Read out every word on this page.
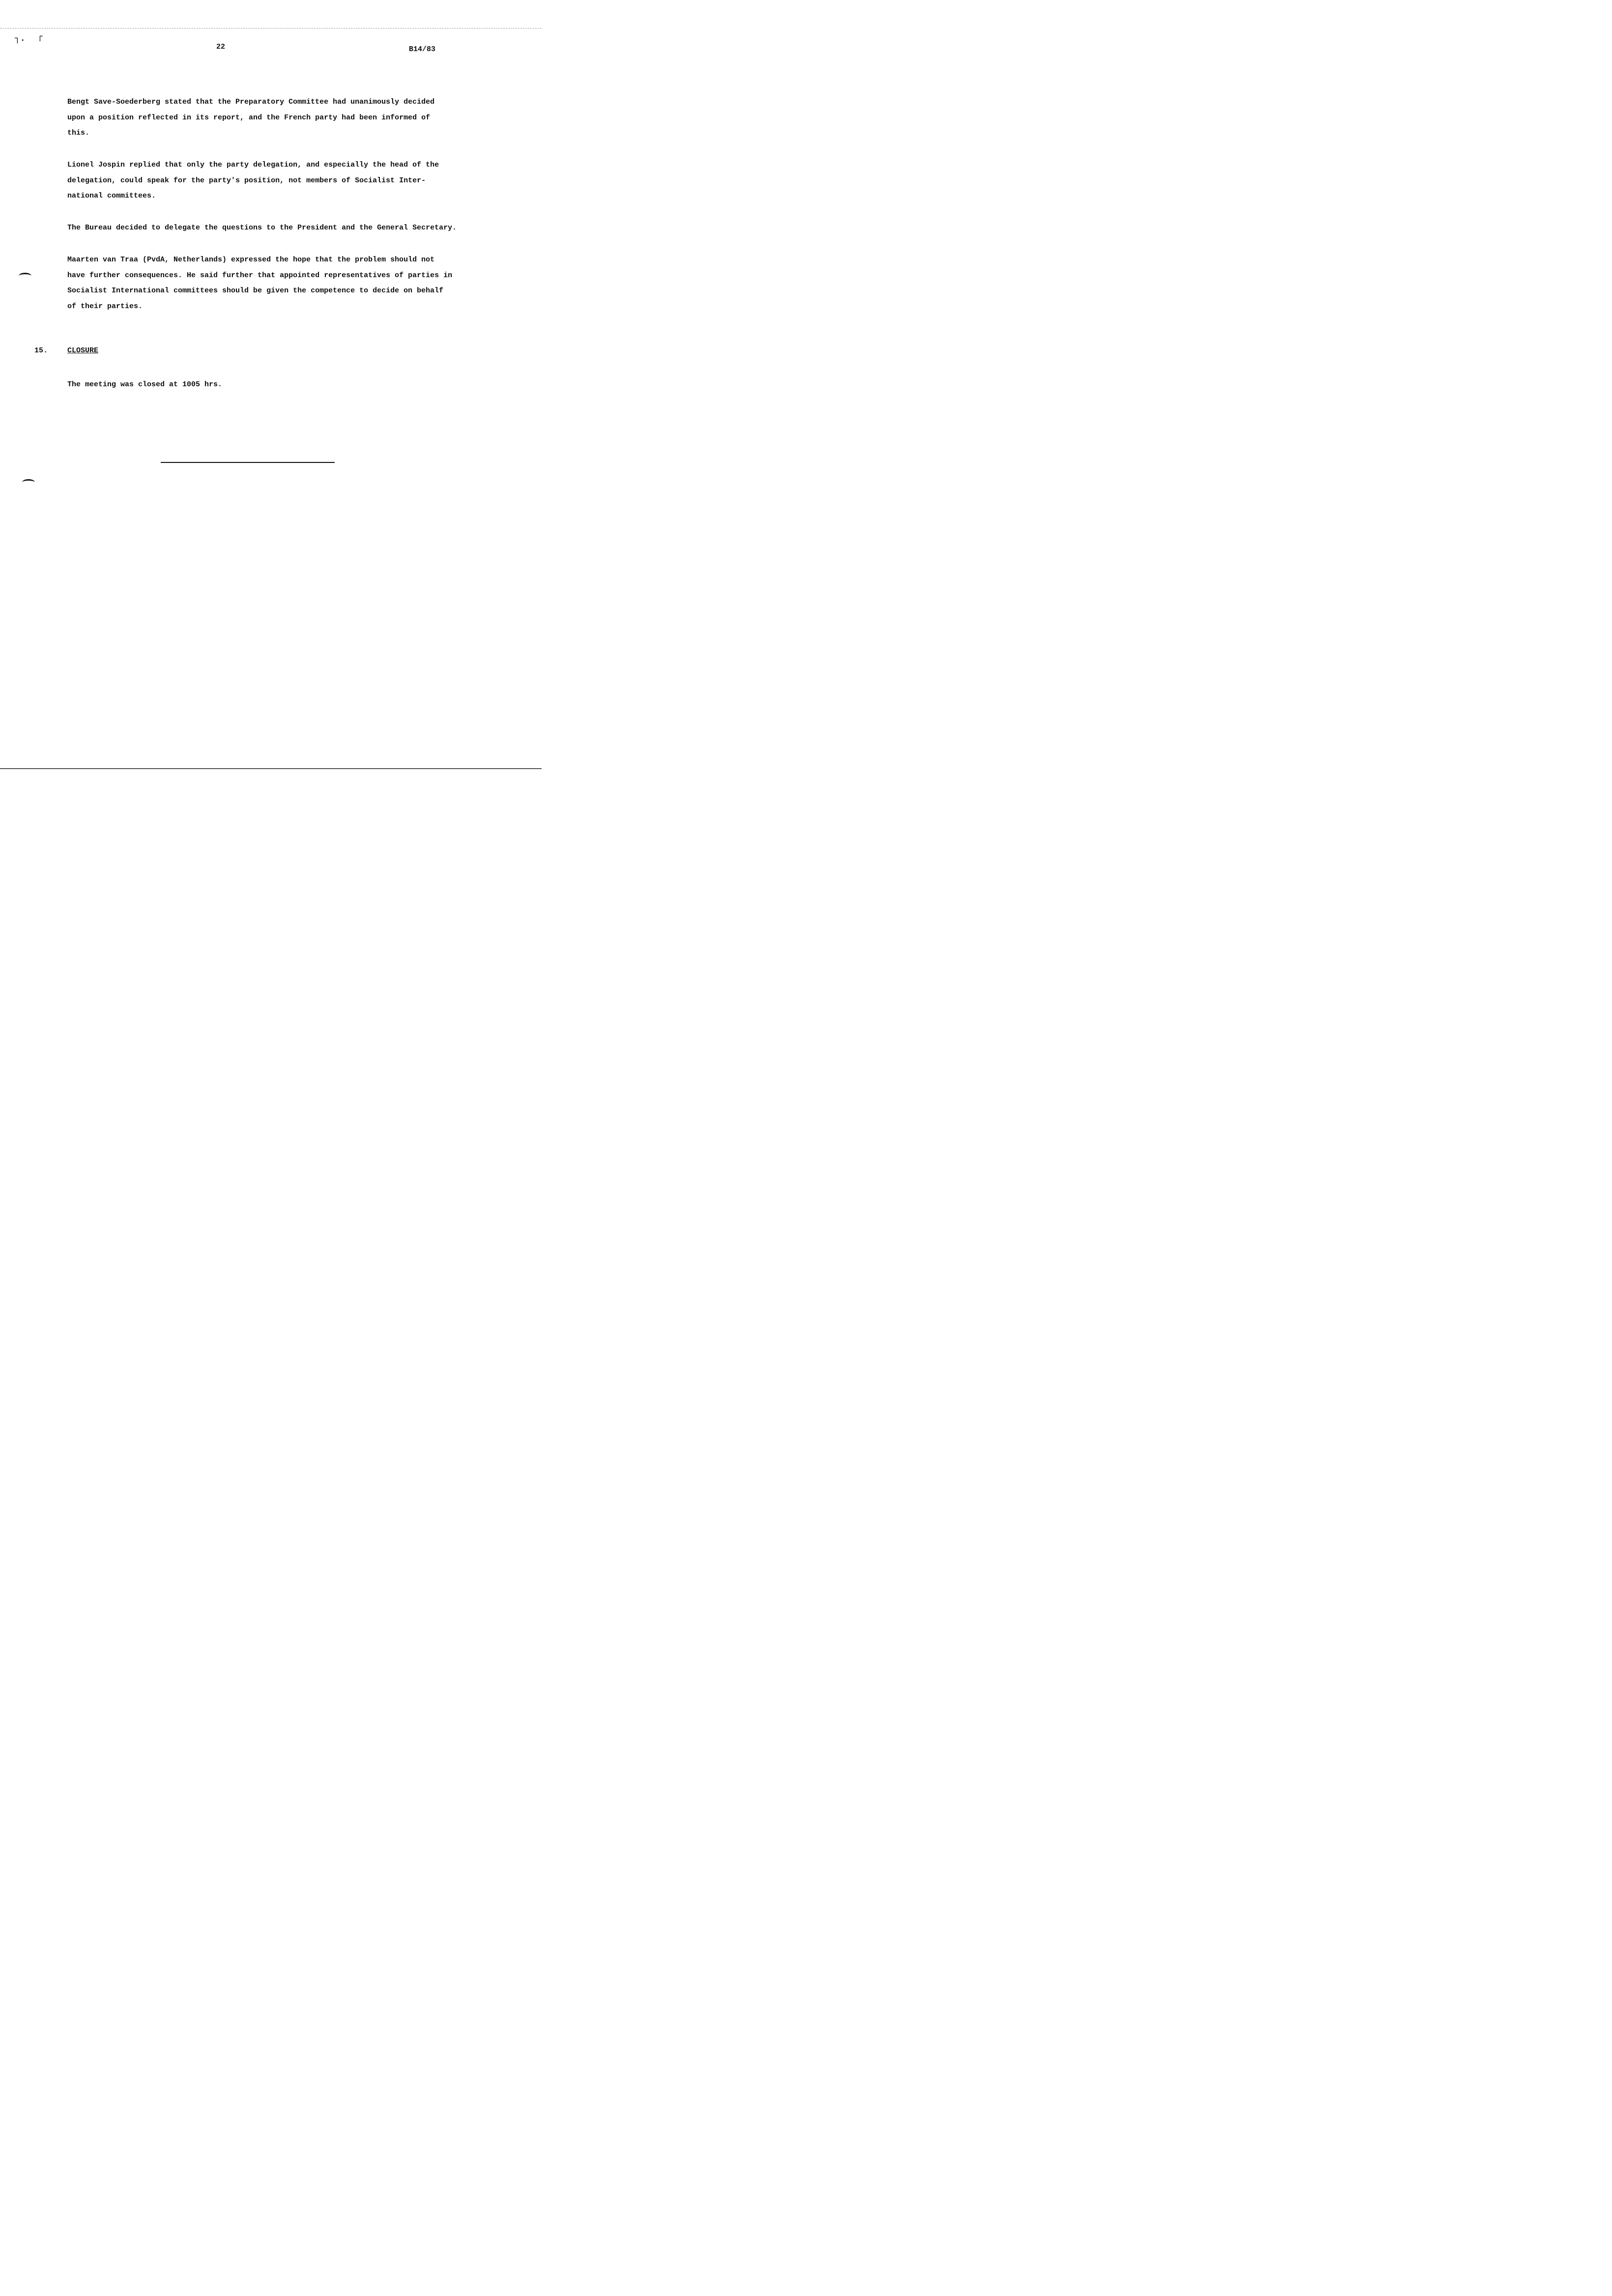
┐. ┌
22	B14/83
Bengt Save-Soederberg stated that the Preparatory Committee had unanimously decided
upon a position reflected in its report, and the French party had been informed of
this.
Lionel Jospin replied that only the party delegation, and especially the head of the
delegation, could speak for the party's position, not members of Socialist Inter-
national committees.
The Bureau decided to delegate the questions to the President and the General Secretary.
Maarten van Traa (PvdA, Netherlands) expressed the hope that the problem should not
have further consequences. He said further that appointed representatives of parties in
Socialist International committees should be given the competence to decide on behalf
of their parties.
15.	CLOSURE
The meeting was closed at 1005 hrs.
